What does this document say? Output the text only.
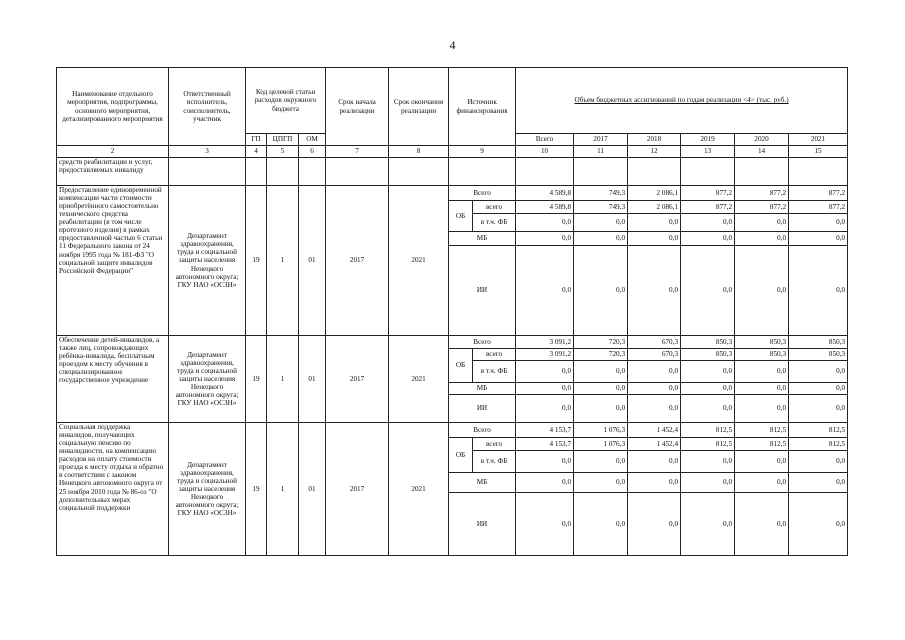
4
Наименование отдельного мероприятия, подпрограммы, основного мероприятия, детализированного мероприятия	Ответственный исполнитель, соисполнитель, участник	Код целевой статьи расходов окружного бюджета			Срок начала реализации	Срок окончания реализации	Источник финансирования		Объем бюджетных ассигнований по годам реализации <4> (тыс. руб.)					
		ГП	ЦПГП	ОМ					Всего	2017	2018	2019	2020	2021
2	3	4	5	6	7	8	9		10	11	12	13	14	15
средств реабилитации и услуг, предоставляемых инвалиду														
Предоставление единовременной компенсации части стоимости приобретённого самостоятельно технического средства реабилитации (в том числе протезного изделия) в рамках предоставленной частью 6 статьи 11 Федерального закона от 24 ноября 1995 года № 181-ФЗ "О социальной защите инвалидов Российской Федерации"	Департамент здравоохранения, труда и социальной защиты населения Ненецкого автономного округа; ГКУ НАО «ОСЗН»	19	1	01	2017	2021	Всего		4 589,8	749,3	2 086,1	877,2	877,2	877,2
							ОБ	всего	4 589,8	749,3	2 086,1	877,2	877,2	877,2
								в т.ч. ФБ	0,0	0,0	0,0	0,0	0,0	0,0
							МБ		0,0	0,0	0,0	0,0	0,0	0,0
							ИИ		0,0	0,0	0,0	0,0	0,0	0,0
Обеспечение детей-инвалидов, а также лиц, сопровождающих ребёнка-инвалида, бесплатным проездом к месту обучения в специализированное государственное учреждение	Департамент здравоохранения, труда и социальной защиты населения Ненецкого автономного округа; ГКУ НАО «ОСЗН»	19	1	01	2017	2021	Всего		3 091,2	720,3	670,3	850,3	850,3	850,3
							ОБ	всего	3 091,2	720,3	670,3	850,3	850,3	850,3
								в т.ч. ФБ	0,0	0,0	0,0	0,0	0,0	0,0
							МБ		0,0	0,0	0,0	0,0	0,0	0,0
							ИИ		0,0	0,0	0,0	0,0	0,0	0,0
Социальная поддержка инвалидов, получающих социальную пенсию по инвалидности, на компенсацию расходов на оплату стоимости проезда к месту отдыха и обратно в соответствии с законом Ненецкого автономного округа от 25 ноября 2010 года № 86-оз "О дополнительных мерах социальной поддержки	Департамент здравоохранения, труда и социальной защиты населения Ненецкого автономного округа; ГКУ НАО «ОСЗН»	19	1	01	2017	2021	Всего		4 153,7	1 076,3	1 452,4	812,5	812,5	812,5
							ОБ	всего	4 153,7	1 076,3	1 452,4	812,5	812,5	812,5
								в т.ч. ФБ	0,0	0,0	0,0	0,0	0,0	0,0
							МБ		0,0	0,0	0,0	0,0	0,0	0,0
							ИИ		0,0	0,0	0,0	0,0	0,0	0,0
